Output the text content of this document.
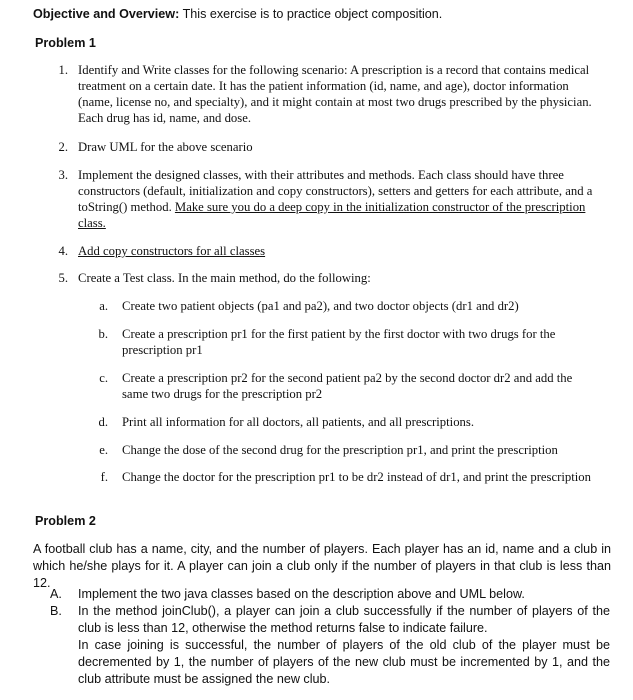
Objective and Overview: This exercise is to practice object composition.
Problem 1
1. Identify and Write classes for the following scenario: A prescription is a record that contains medical treatment on a certain date. It has the patient information (id, name, and age), doctor information (name, license no, and specialty), and it might contain at most two drugs prescribed by the physician. Each drug has id, name, and dose.
2. Draw UML for the above scenario
3. Implement the designed classes, with their attributes and methods. Each class should have three constructors (default, initialization and copy constructors), setters and getters for each attribute, and a toString() method. Make sure you do a deep copy in the initialization constructor of the prescription class.
4. Add copy constructors for all classes
5. Create a Test class. In the main method, do the following:
a. Create two patient objects (pa1 and pa2), and two doctor objects (dr1 and dr2)
b. Create a prescription pr1 for the first patient by the first doctor with two drugs for the prescription pr1
c. Create a prescription pr2 for the second patient pa2 by the second doctor dr2 and add the same two drugs for the prescription pr2
d. Print all information for all doctors, all patients, and all prescriptions.
e. Change the dose of the second drug for the prescription pr1, and print the prescription
f. Change the doctor for the prescription pr1 to be dr2 instead of dr1, and print the prescription
Problem 2
A football club has a name, city, and the number of players. Each player has an id, name and a club in which he/she plays for it. A player can join a club only if the number of players in that club is less than 12.
A. Implement the two java classes based on the description above and UML below.
B. In the method joinClub(), a player can join a club successfully if the number of players of the club is less than 12, otherwise the method returns false to indicate failure.
In case joining is successful, the number of players of the old club of the player must be decremented by 1, the number of players of the new club must be incremented by 1, and the club attribute must be assigned the new club.
